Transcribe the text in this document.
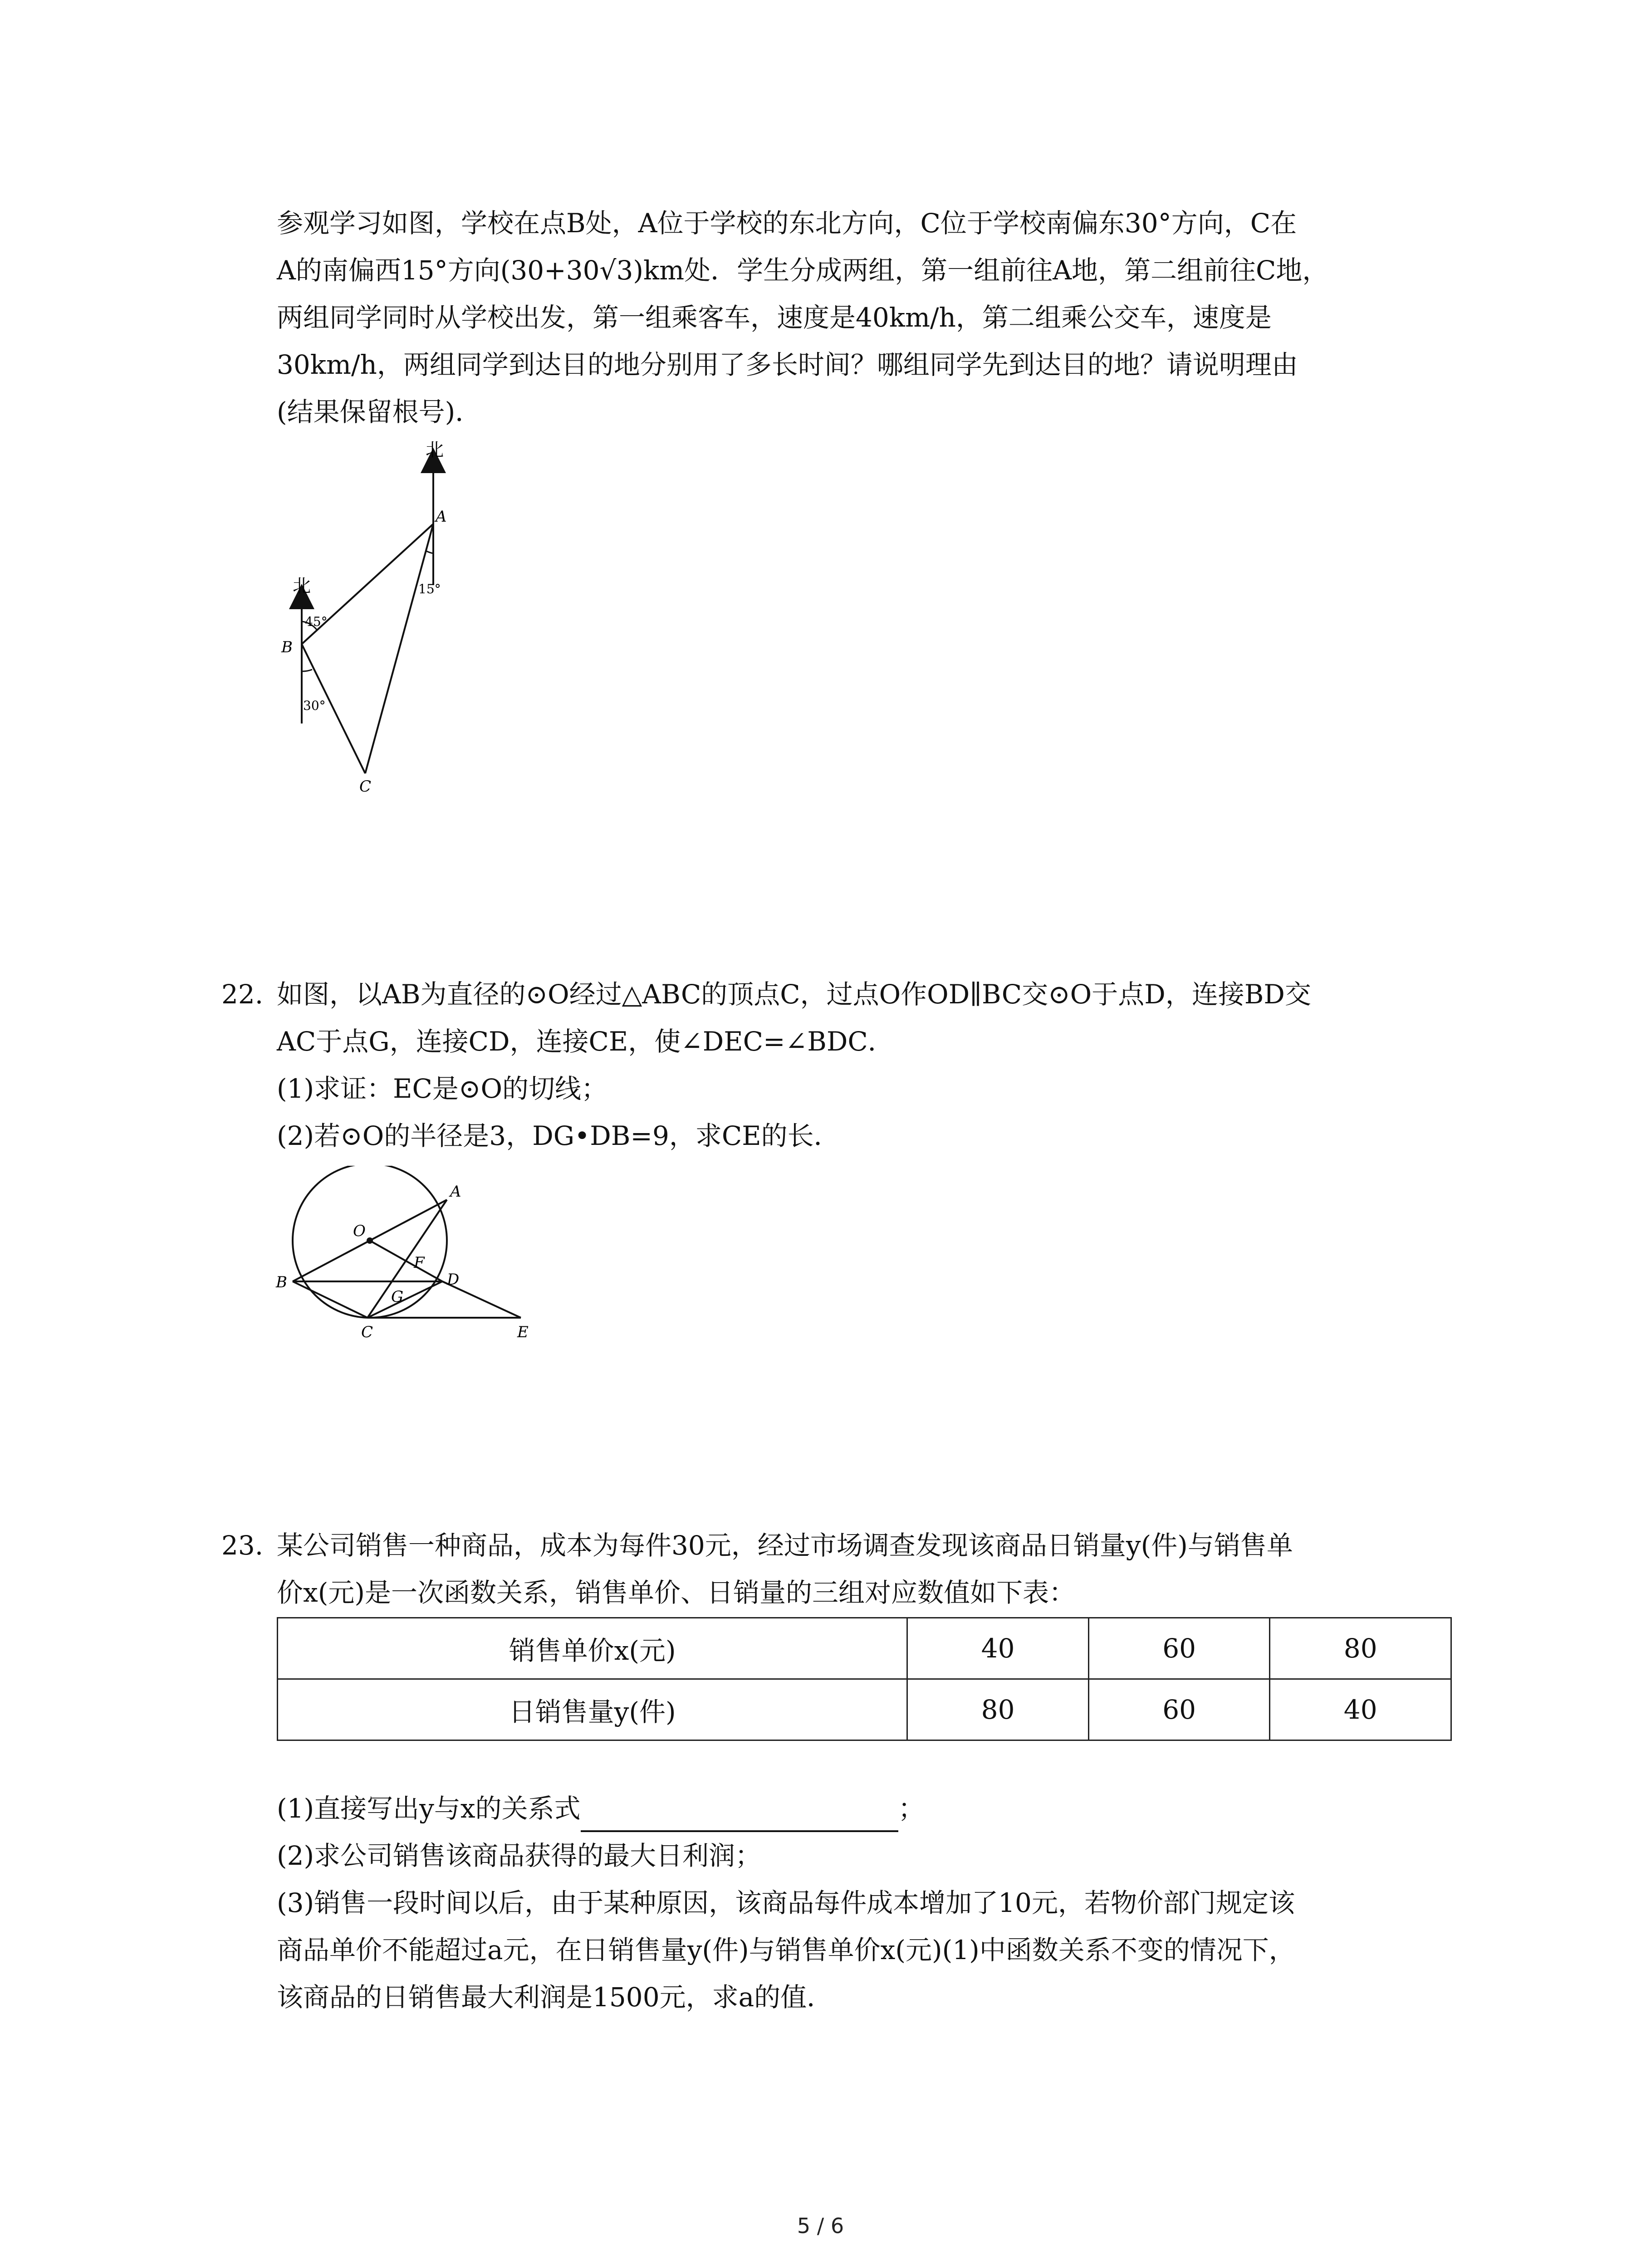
参观学习如图，学校在点B处，A位于学校的东北方向，C位于学校南偏东30°方向，C在
A的南偏西15°方向(30+30√3)km处．学生分成两组，第一组前往A地，第二组前往C地，
两组同学同时从学校出发，第一组乘客车，速度是40km/h，第二组乘公交车，速度是
30km/h，两组同学到达目的地分别用了多长时间？哪组同学先到达目的地？请说明理由
(结果保留根号)．
北
北
A
B
C
45°
30°
15°
22. 如图，以AB为直径的⊙O经过△ABC的顶点C，过点O作OD∥BC交⊙O于点D，连接BD交
AC于点G，连接CD，连接CE，使∠DEC=∠BDC．
(1)求证：EC是⊙O的切线；
(2)若⊙O的半径是3，DG•DB=9，求CE的长．
A
O
F
D
B
G
C	E
23. 某公司销售一种商品，成本为每件30元，经过市场调查发现该商品日销量y(件)与销售单
价x(元)是一次函数关系，销售单价、日销量的三组对应数值如下表：
销售单价x(元)	40	60	80
日销售量y(件)	80	60	40
(1)直接写出y与x的关系式	；
(2)求公司销售该商品获得的最大日利润；
(3)销售一段时间以后，由于某种原因，该商品每件成本增加了10元，若物价部门规定该
商品单价不能超过a元，在日销售量y(件)与销售单价x(元)(1)中函数关系不变的情况下，
该商品的日销售最大利润是1500元，求a的值．
5 / 6
